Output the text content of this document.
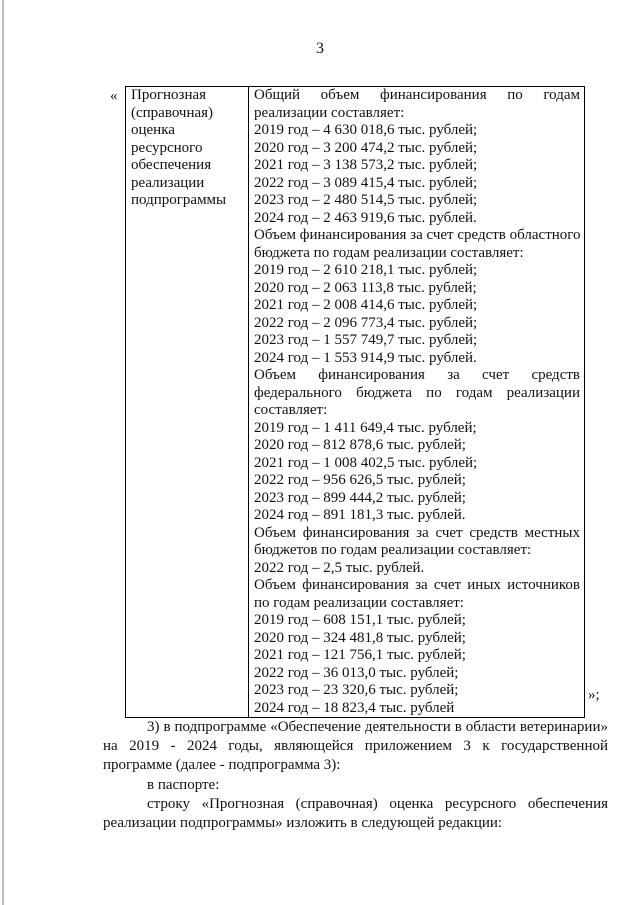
3
« Прогнозная
(справочная)
оценка
ресурсного
обеспечения
реализации
подпрограммы

Общий объем финансирования по годам
реализации составляет:
2019 год – 4 630 018,6 тыс. рублей;
2020 год – 3 200 474,2 тыс. рублей;
2021 год – 3 138 573,2 тыс. рублей;
2022 год – 3 089 415,4 тыс. рублей;
2023 год – 2 480 514,5 тыс. рублей;
2024 год – 2 463 919,6 тыс. рублей.
Объем финансирования за счет средств областного
бюджета по годам реализации составляет:
2019 год – 2 610 218,1 тыс. рублей;
2020 год – 2 063 113,8 тыс. рублей;
2021 год – 2 008 414,6 тыс. рублей;
2022 год – 2 096 773,4 тыс. рублей;
2023 год – 1 557 749,7 тыс. рублей;
2024 год – 1 553 914,9 тыс. рублей.
Объем финансирования за счет средств
федерального бюджета по годам реализации
составляет:
2019 год – 1 411 649,4 тыс. рублей;
2020 год – 812 878,6 тыс. рублей;
2021 год – 1 008 402,5 тыс. рублей;
2022 год – 956 626,5 тыс. рублей;
2023 год – 899 444,2 тыс. рублей;
2024 год – 891 181,3 тыс. рублей.
Объем финансирования за счет средств местных
бюджетов по годам реализации составляет:
2022 год – 2,5 тыс. рублей.
Объем финансирования за счет иных источников
по годам реализации составляет:
2019 год – 608 151,1 тыс. рублей;
2020 год – 324 481,8 тыс. рублей;
2021 год – 121 756,1 тыс. рублей;
2022 год – 36 013,0 тыс. рублей;
2023 год – 23 320,6 тыс. рублей;
2024 год – 18 823,4 тыс. рублей
»;
3) в подпрограмме «Обеспечение деятельности в области ветеринарии»
на 2019 - 2024 годы, являющейся приложением 3 к государственной
программе (далее - подпрограмма 3):
в паспорте:
строку «Прогнозная (справочная) оценка ресурсного обеспечения
реализации подпрограммы» изложить в следующей редакции:
